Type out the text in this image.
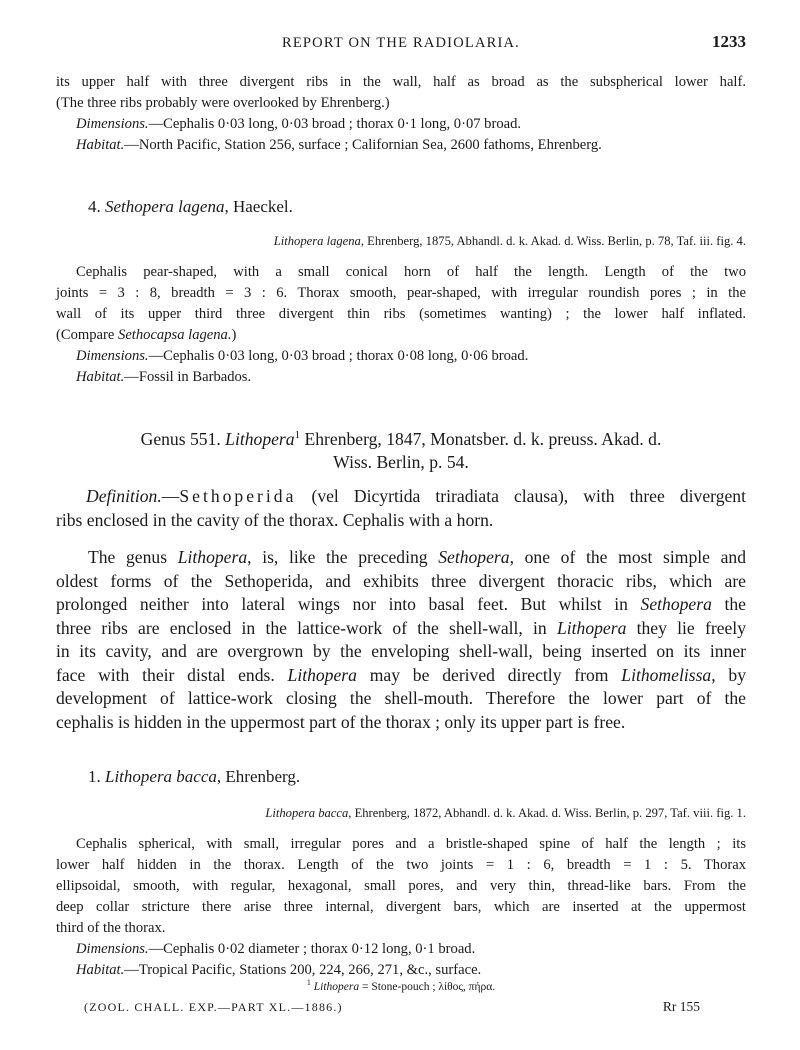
REPORT ON THE RADIOLARIA.	1233
its upper half with three divergent ribs in the wall, half as broad as the subspherical lower half.
(The three ribs probably were overlooked by Ehrenberg.)
Dimensions.—Cephalis 0·03 long, 0·03 broad ; thorax 0·1 long, 0·07 broad.
Habitat.—North Pacific, Station 256, surface ; Californian Sea, 2600 fathoms, Ehrenberg.
4. Sethopera lagena, Haeckel.
Lithopera lagena, Ehrenberg, 1875, Abhandl. d. k. Akad. d. Wiss. Berlin, p. 78, Taf. iii. fig. 4.
Cephalis pear-shaped, with a small conical horn of half the length. Length of the two
joints = 3 : 8, breadth = 3 : 6. Thorax smooth, pear-shaped, with irregular roundish pores ; in the
wall of its upper third three divergent thin ribs (sometimes wanting) ; the lower half inflated.
(Compare Sethocapsa lagena.)
Dimensions.—Cephalis 0·03 long, 0·03 broad ; thorax 0·08 long, 0·06 broad.
Habitat.—Fossil in Barbados.
Genus 551. Lithopera$^1$ Ehrenberg, 1847, Monatsber. d. k. preuss. Akad. d.
Wiss. Berlin, p. 54.
Definition.—Sethoperida (vel Dicyrtida triradiata clausa), with three divergent
ribs enclosed in the cavity of the thorax. Cephalis with a horn.
The genus Lithopera, is, like the preceding Sethopera, one of the most simple and
oldest forms of the Sethoperida, and exhibits three divergent thoracic ribs, which are
prolonged neither into lateral wings nor into basal feet. But whilst in Sethopera the
three ribs are enclosed in the lattice-work of the shell-wall, in Lithopera they lie freely
in its cavity, and are overgrown by the enveloping shell-wall, being inserted on its inner
face with their distal ends. Lithopera may be derived directly from Lithomelissa, by
development of lattice-work closing the shell-mouth. Therefore the lower part of the
cephalis is hidden in the uppermost part of the thorax ; only its upper part is free.
1. Lithopera bacca, Ehrenberg.
Lithopera bacca, Ehrenberg, 1872, Abhandl. d. k. Akad. d. Wiss. Berlin, p. 297, Taf. viii. fig. 1.
Cephalis spherical, with small, irregular pores and a bristle-shaped spine of half the length ; its
lower half hidden in the thorax. Length of the two joints = 1 : 6, breadth = 1 : 5. Thorax
ellipsoidal, smooth, with regular, hexagonal, small pores, and very thin, thread-like bars. From the
deep collar stricture there arise three internal, divergent bars, which are inserted at the uppermost
third of the thorax.
Dimensions.—Cephalis 0·02 diameter ; thorax 0·12 long, 0·1 broad.
Habitat.—Tropical Pacific, Stations 200, 224, 266, 271, &c., surface.
$^1$ Lithopera = Stone-pouch ; λίθος, πήρα.
(ZOOL. CHALL. EXP.—PART XL.—1886.)	Rr 155
